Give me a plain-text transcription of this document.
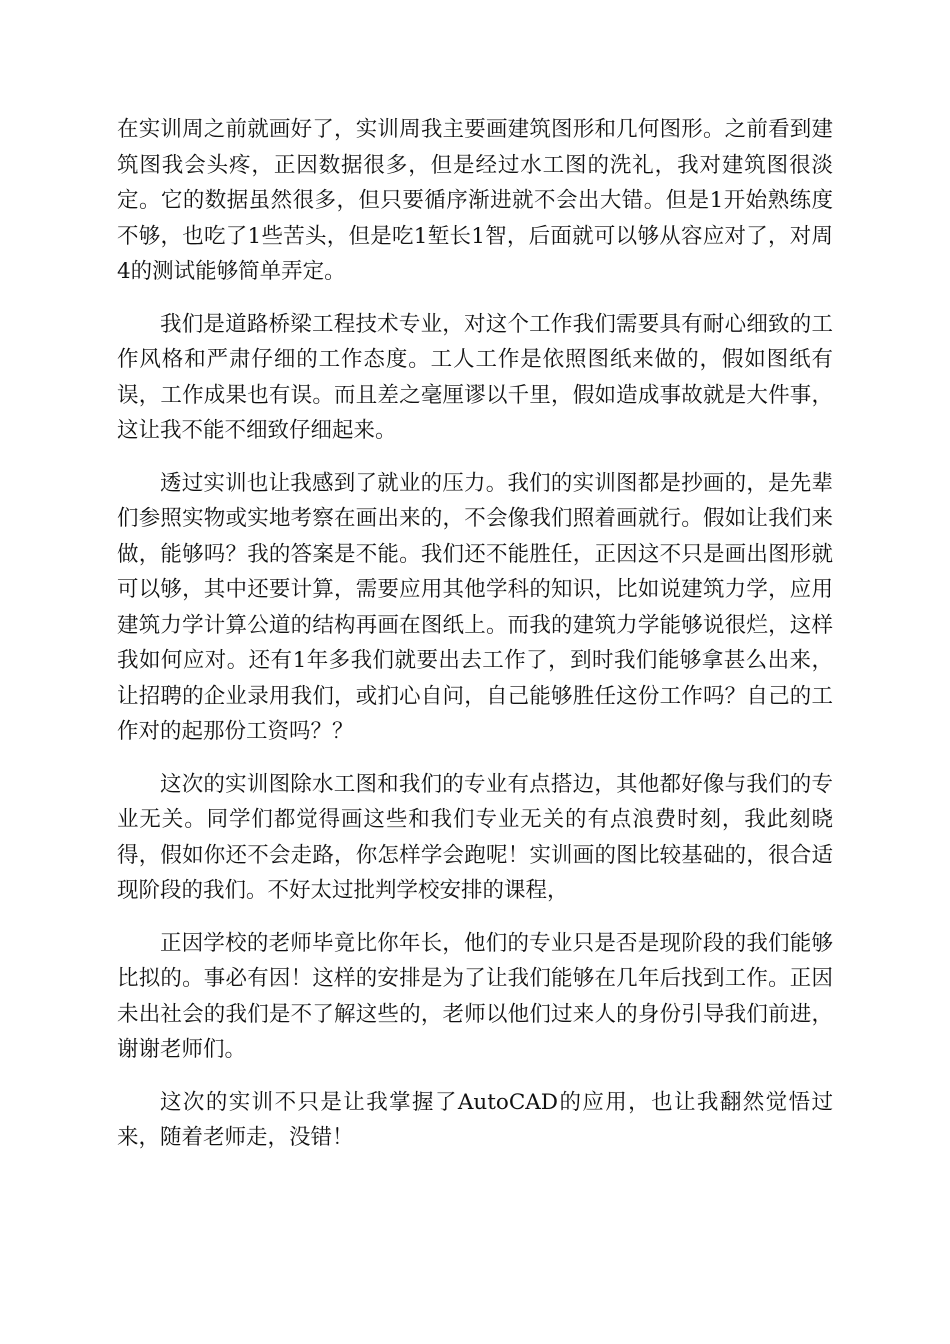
在实训周之前就画好了，实训周我主要画建筑图形和几何图形。之前看到建筑图我会头疼，正因数据很多，但是经过水工图的洗礼，我对建筑图很淡定。它的数据虽然很多，但只要循序渐进就不会出大错。但是1开始熟练度不够，也吃了1些苦头，但是吃1堑长1智，后面就可以够从容应对了，对周4的测试能够简单弄定。

我们是道路桥梁工程技术专业，对这个工作我们需要具有耐心细致的工作风格和严肃仔细的工作态度。工人工作是依照图纸来做的，假如图纸有误，工作成果也有误。而且差之毫厘谬以千里，假如造成事故就是大件事，这让我不能不细致仔细起来。

透过实训也让我感到了就业的压力。我们的实训图都是抄画的，是先辈们参照实物或实地考察在画出来的，不会像我们照着画就行。假如让我们来做，能够吗？我的答案是不能。我们还不能胜任，正因这不只是画出图形就可以够，其中还要计算，需要应用其他学科的知识，比如说建筑力学，应用建筑力学计算公道的结构再画在图纸上。而我的建筑力学能够说很烂，这样我如何应对。还有1年多我们就要出去工作了，到时我们能够拿甚么出来，让招聘的企业录用我们，或扪心自问，自己能够胜任这份工作吗？自己的工作对的起那份工资吗？？

这次的实训图除水工图和我们的专业有点搭边，其他都好像与我们的专业无关。同学们都觉得画这些和我们专业无关的有点浪费时刻，我此刻晓得，假如你还不会走路，你怎样学会跑呢！实训画的图比较基础的，很合适现阶段的我们。不好太过批判学校安排的课程，

正因学校的老师毕竟比你年长，他们的专业只是否是现阶段的我们能够比拟的。事必有因！这样的安排是为了让我们能够在几年后找到工作。正因未出社会的我们是不了解这些的，老师以他们过来人的身份引导我们前进，谢谢老师们。

这次的实训不只是让我掌握了AutoCAD的应用，也让我翻然觉悟过来，随着老师走，没错！
